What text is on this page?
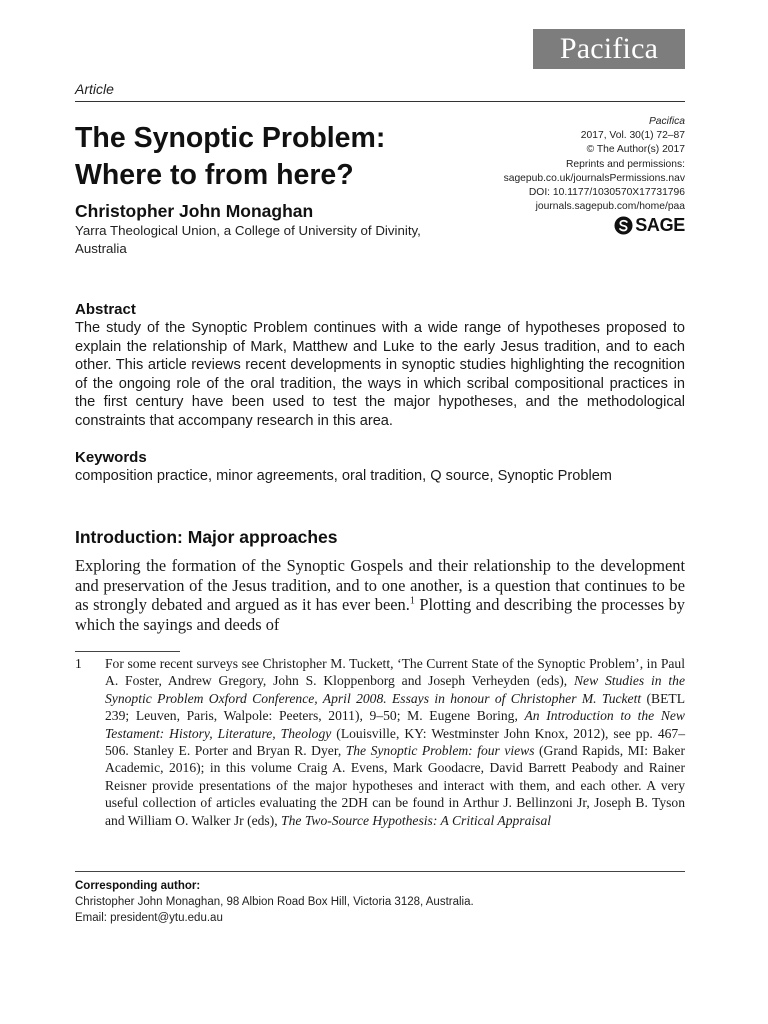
Pacifica
Article
Pacifica
2017, Vol. 30(1) 72–87
© The Author(s) 2017
Reprints and permissions:
sagepub.co.uk/journalsPermissions.nav
DOI: 10.1177/1030570X17731796
journals.sagepub.com/home/paa
SAGE
The Synoptic Problem:
Where to from here?
Christopher John Monaghan
Yarra Theological Union, a College of University of Divinity, Australia
Abstract
The study of the Synoptic Problem continues with a wide range of hypotheses proposed to explain the relationship of Mark, Matthew and Luke to the early Jesus tradition, and to each other. This article reviews recent developments in synoptic studies highlighting the recognition of the ongoing role of the oral tradition, the ways in which scribal compositional practices in the first century have been used to test the major hypotheses, and the methodological constraints that accompany research in this area.
Keywords
composition practice, minor agreements, oral tradition, Q source, Synoptic Problem
Introduction: Major approaches
Exploring the formation of the Synoptic Gospels and their relationship to the development and preservation of the Jesus tradition, and to one another, is a question that continues to be as strongly debated and argued as it has ever been.$^1$ Plotting and describing the processes by which the sayings and deeds of
1 For some recent surveys see Christopher M. Tuckett, ‘The Current State of the Synoptic Problem’, in Paul A. Foster, Andrew Gregory, John S. Kloppenborg and Joseph Verheyden (eds), New Studies in the Synoptic Problem Oxford Conference, April 2008. Essays in honour of Christopher M. Tuckett (BETL 239; Leuven, Paris, Walpole: Peeters, 2011), 9–50; M. Eugene Boring, An Introduction to the New Testament: History, Literature, Theology (Louisville, KY: Westminster John Knox, 2012), see pp. 467–506. Stanley E. Porter and Bryan R. Dyer, The Synoptic Problem: four views (Grand Rapids, MI: Baker Academic, 2016); in this volume Craig A. Evens, Mark Goodacre, David Barrett Peabody and Rainer Reisner provide presentations of the major hypotheses and interact with them, and each other. A very useful collection of articles evaluating the 2DH can be found in Arthur J. Bellinzoni Jr, Joseph B. Tyson and William O. Walker Jr (eds), The Two-Source Hypothesis: A Critical Appraisal
Corresponding author:
Christopher John Monaghan, 98 Albion Road Box Hill, Victoria 3128, Australia.
Email: president@ytu.edu.au
